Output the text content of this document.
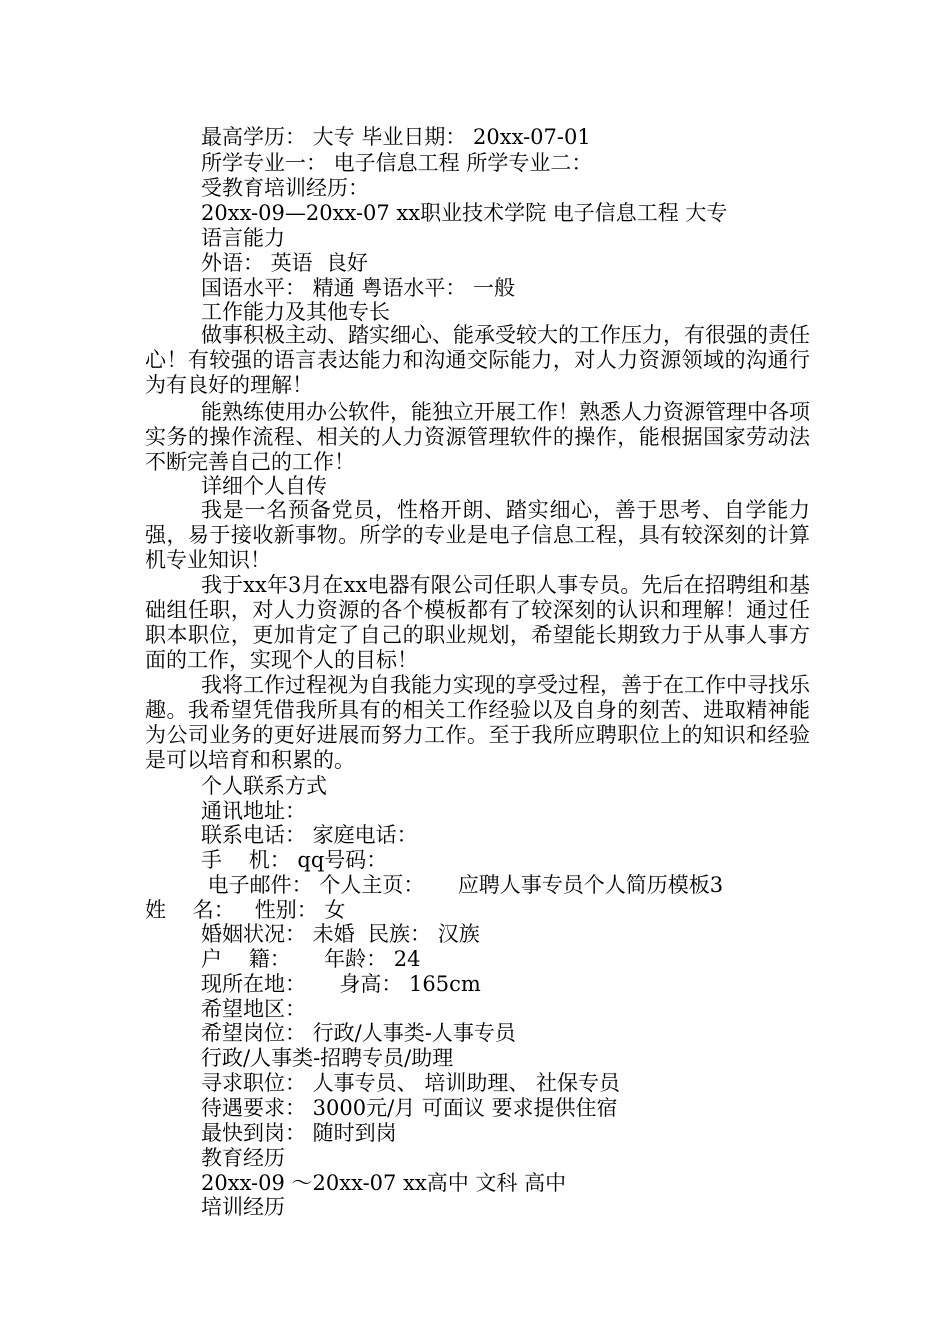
最高学历： 大专 毕业日期： 20xx-07-01
所学专业一： 电子信息工程 所学专业二：
受教育培训经历：
20xx-09—20xx-07 xx职业技术学院 电子信息工程 大专
语言能力
外语： 英语  良好
国语水平： 精通 粤语水平： 一般
工作能力及其他专长
做事积极主动、踏实细心、能承受较大的工作压力，有很强的责任心！有较强的语言表达能力和沟通交际能力，对人力资源领域的沟通行为有良好的理解！
能熟练使用办公软件，能独立开展工作！熟悉人力资源管理中各项实务的操作流程、相关的人力资源管理软件的操作，能根据国家劳动法不断完善自己的工作！
详细个人自传
我是一名预备党员，性格开朗、踏实细心，善于思考、自学能力强，易于接收新事物。所学的专业是电子信息工程，具有较深刻的计算机专业知识！
我于xx年3月在xx电器有限公司任职人事专员。先后在招聘组和基础组任职，对人力资源的各个模板都有了较深刻的认识和理解！通过任职本职位，更加肯定了自己的职业规划，希望能长期致力于从事人事方面的工作，实现个人的目标！
我将工作过程视为自我能力实现的享受过程，善于在工作中寻找乐趣。我希望凭借我所具有的相关工作经验以及自身的刻苦、进取精神能为公司业务的更好进展而努力工作。至于我所应聘职位上的知识和经验是可以培育和积累的。
个人联系方式
通讯地址：
联系电话： 家庭电话：
手    机： qq号码：
电子邮件： 个人主页：     应聘人事专员个人简历模板3
姓    名：   性别： 女
婚姻状况： 未婚  民族： 汉族
户    籍：     年龄： 24
现所在地：     身高： 165cm
希望地区：
希望岗位： 行政/人事类-人事专员
行政/人事类-招聘专员/助理
寻求职位： 人事专员、 培训助理、 社保专员
待遇要求： 3000元/月 可面议 要求提供住宿
最快到岗： 随时到岗
教育经历
20xx-09 ～20xx-07 xx高中 文科 高中
培训经历
